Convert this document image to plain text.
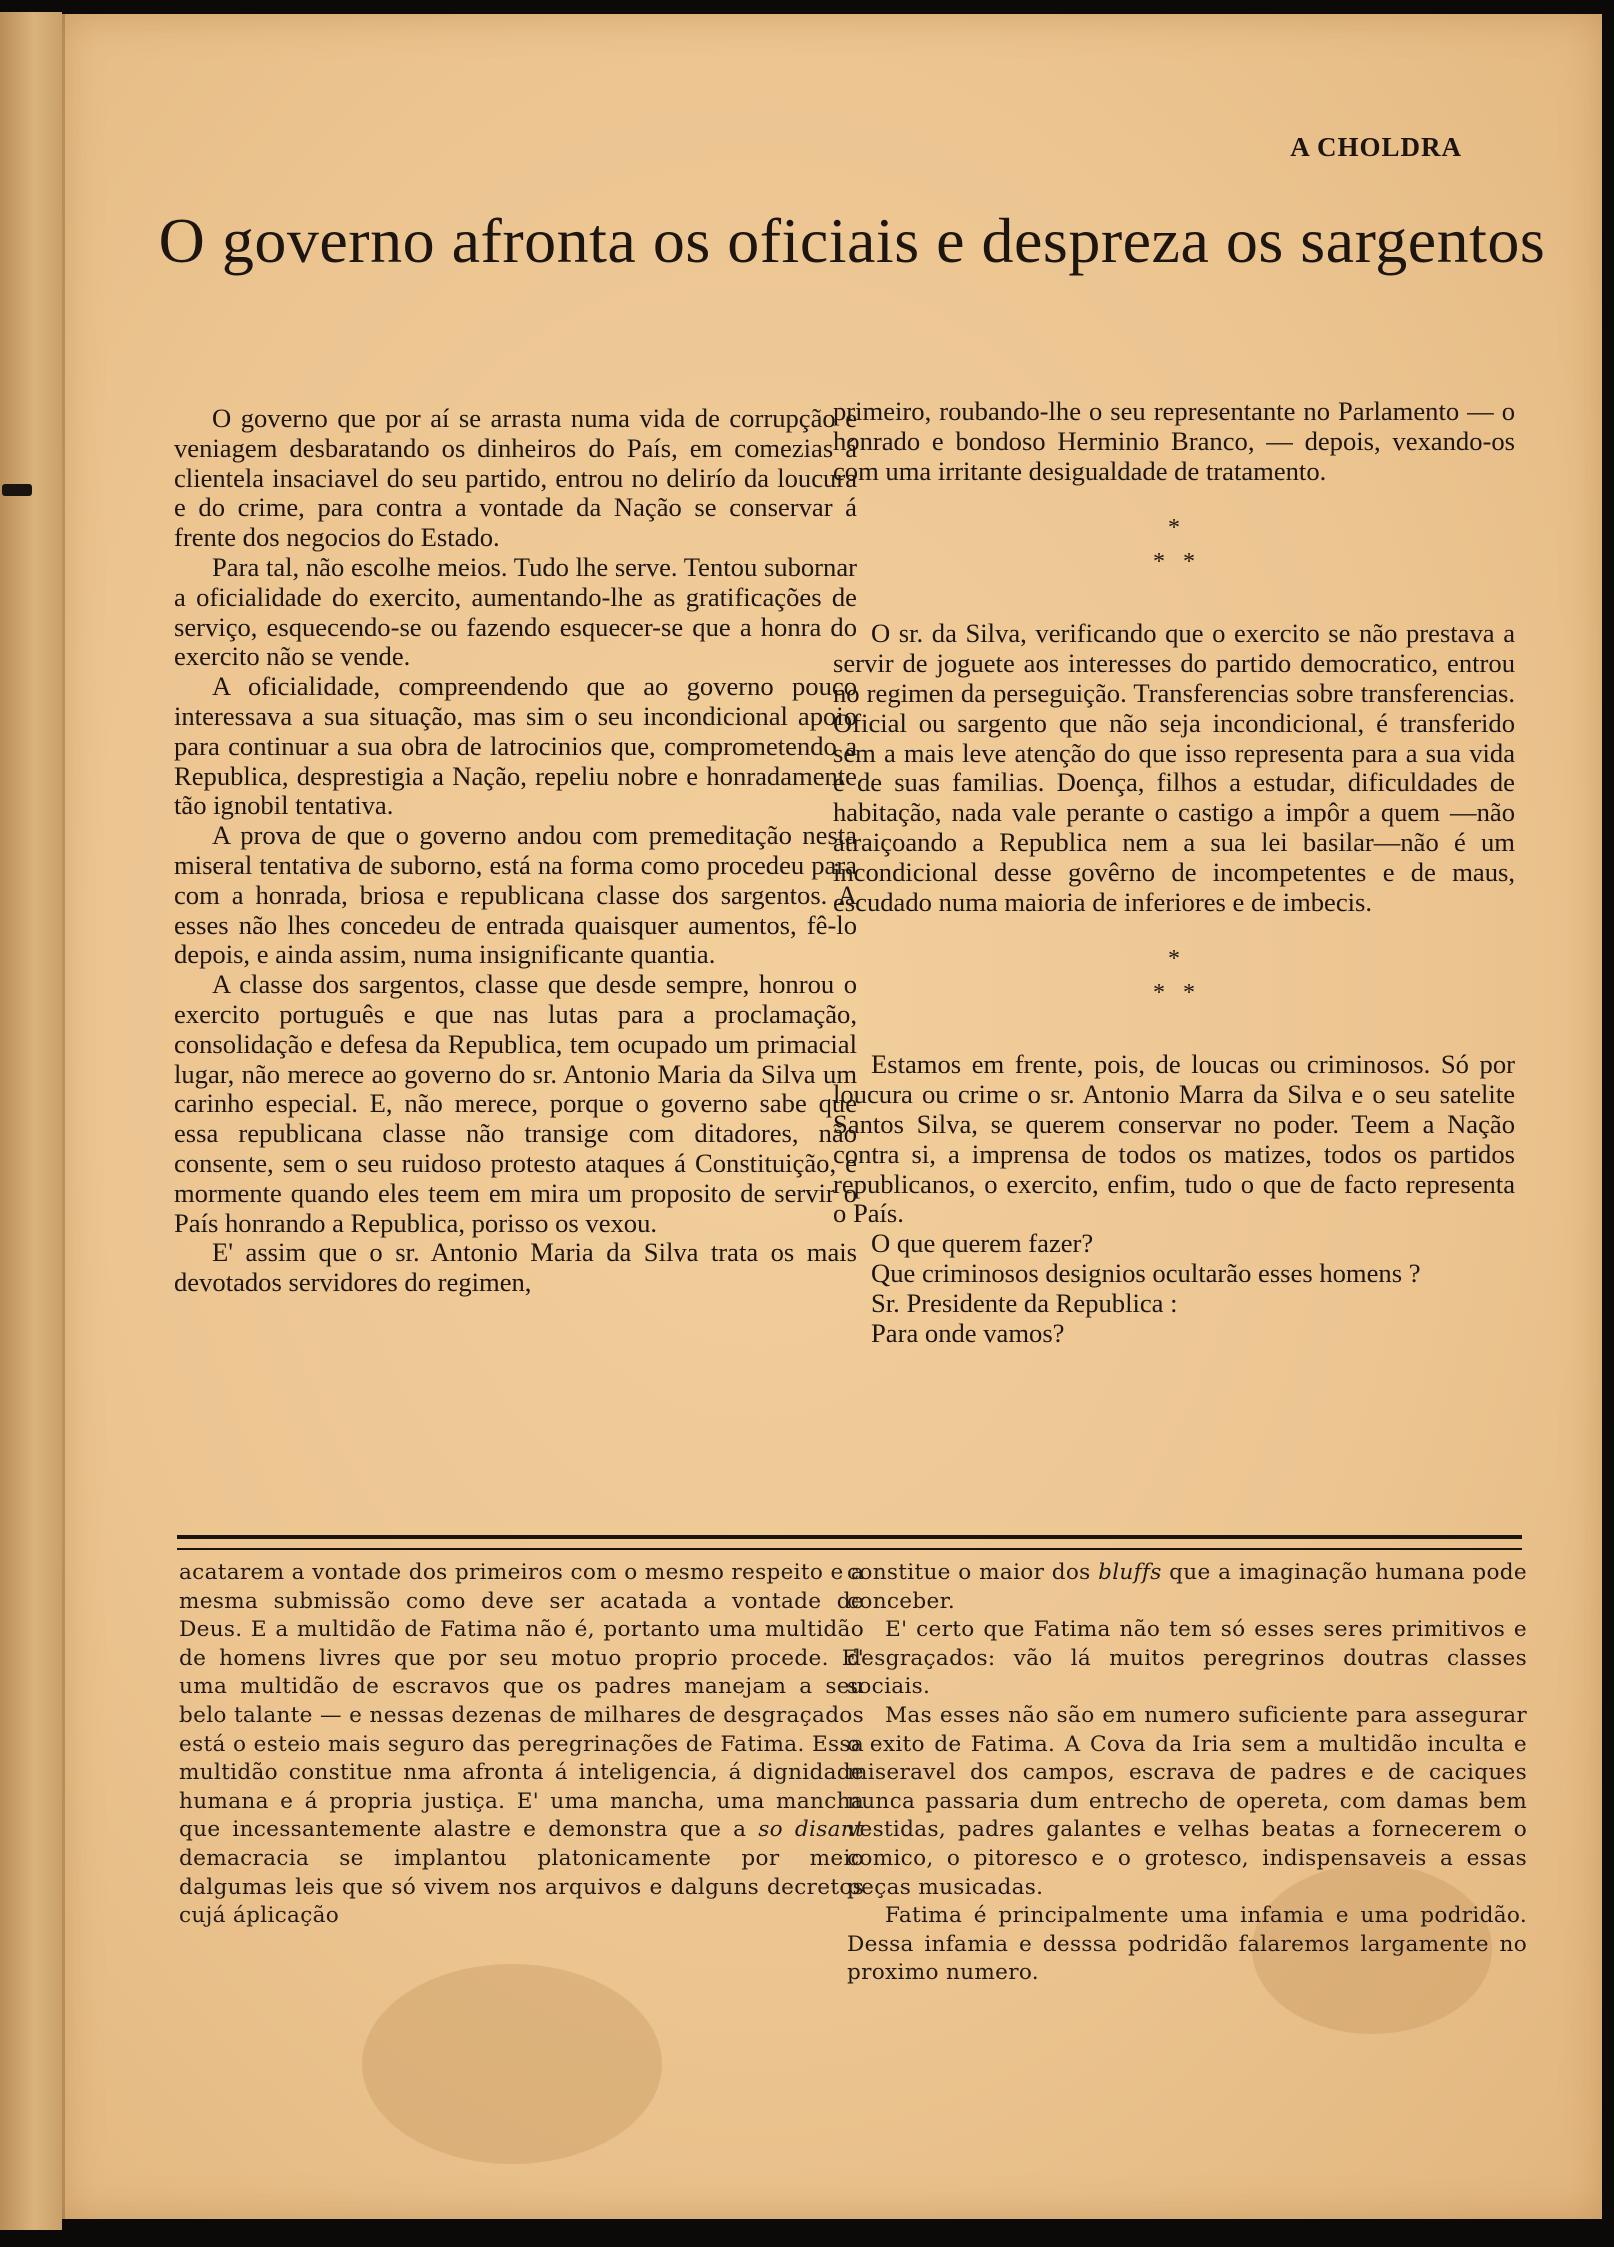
A CHOLDRA
O governo afronta os oficiais e despreza os sargentos

O governo que por aí se arrasta numa vida de corrupção e veniagem desbaratando os dinheiros do País, em comezias á clientela insaciavel do seu partido, entrou no delirío da loucura e do crime, para contra a vontade da Nação se conservar á frente dos negocios do Estado.

Para tal, não escolhe meios. Tudo lhe serve. Tentou subornar a oficialidade do exercito, aumentando-lhe as gratificações de serviço, esquecendo-se ou fazendo esquecer-se que a honra do exercito não se vende.

A oficialidade, compreendendo que ao governo pouco interessava a sua situação, mas sim o seu incondicional apoio para continuar a sua obra de latrocinios que, comprometendo a Republica, desprestigia a Nação, repeliu nobre e honradamente tão ignobil tentativa.

A prova de que o governo andou com premeditação nesta miseral tentativa de suborno, está na forma como procedeu para com a honrada, briosa e republicana classe dos sargentos. A esses não lhes concedeu de entrada quaisquer aumentos, fê-lo depois, e ainda assim, numa insignificante quantia.

A classe dos sargentos, classe que desde sempre, honrou o exercito português e que nas lutas para a proclamação, consolidação e defesa da Republica, tem ocupado um primacial lugar, não merece ao governo do sr. Antonio Maria da Silva um carinho especial. E, não merece, porque o governo sabe que essa republicana classe não transige com ditadores, não consente, sem o seu ruidoso protesto ataques á Constituição, e mormente quando eles teem em mira um proposito de servir o País honrando a Republica, porisso os vexou.

E' assim que o sr. Antonio Maria da Silva trata os mais devotados servidores do regimen,

primeiro, roubando-lhe o seu representante no Parlamento — o honrado e bondoso Herminio Branco, — depois, vexando-os com uma irritante desigualdade de tratamento.

*
*   *

O sr. da Silva, verificando que o exercito se não prestava a servir de joguete aos interesses do partido democratico, entrou no regimen da perseguição. Transferencias sobre transferencias. Oficial ou sargento que não seja incondicional, é transferido sem a mais leve atenção do que isso representa para a sua vida e de suas familias. Doença, filhos a estudar, dificuldades de habitação, nada vale perante o castigo a impôr a quem —não atraiçoando a Republica nem a sua lei basilar—não é um incondicional desse govêrno de incompetentes e de maus, escudado numa maioria de inferiores e de imbecis.

*
*   *

Estamos em frente, pois, de loucas ou criminosos. Só por loucura ou crime o sr. Antonio Marra da Silva e o seu satelite Santos Silva, se querem conservar no poder. Teem a Nação contra si, a imprensa de todos os matizes, todos os partidos republicanos, o exercito, enfim, tudo o que de facto representa o País.

O que querem fazer?

Que criminosos designios ocultarão esses homens ?

Sr. Presidente da Republica :

Para onde vamos?

acatarem a vontade dos primeiros com o mesmo respeito e a mesma submissão como deve ser acatada a vontade de Deus. E a multidão de Fatima não é, portanto uma multidão de homens livres que por seu motuo proprio procede. E' uma multidão de escravos que os padres manejam a seu belo talante — e nessas dezenas de milhares de desgraçados está o esteio mais seguro das peregrinações de Fatima. Essa multidão constitue nma afronta á inteligencia, á dignidade humana e á propria justiça. E' uma mancha, uma mancha que incessantemente alastre e demonstra que a so disant demacracia se implantou platonicamente por meio dalgumas leis que só vivem nos arquivos e dalguns decretos cujá áplicação

constitue o maior dos bluffs que a imaginação humana pode conceber.

E' certo que Fatima não tem só esses seres primitivos e desgraçados: vão lá muitos peregrinos doutras classes sociais.

Mas esses não são em numero suficiente para assegurar o exito de Fatima. A Cova da Iria sem a multidão inculta e miseravel dos campos, escrava de padres e de caciques nunca passaria dum entrecho de opereta, com damas bem vestidas, padres galantes e velhas beatas a fornecerem o comico, o pitoresco e o grotesco, indispensaveis a essas peças musicadas.

Fatima é principalmente uma infamia e uma podridão. Dessa infamia e desssa podridão falaremos largamente no proximo numero.
